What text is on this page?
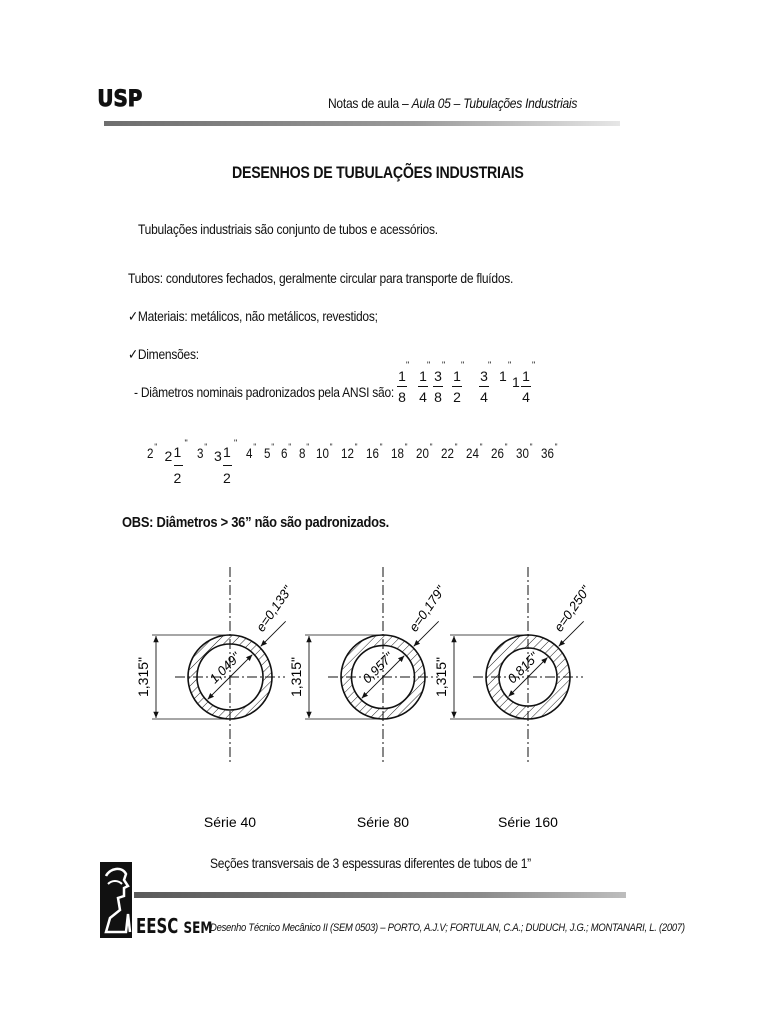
USP	Notas de aula – Aula 05 – Tubulações Industriais
DESENHOS DE TUBULAÇÕES INDUSTRIAIS
Tubulações industriais são conjunto de tubos e acessórios.
Tubos: condutores fechados, geralmente circular para transporte de fluídos.
✓Materiais: metálicos, não metálicos, revestidos;
✓Dimensões:
- Diâmetros nominais padronizados pela ANSI são:
1
8
"
1
4
"
3
8
"
1
2
"
3
4
"
1
"
1 1
4
"
2"
2 1
2
"
3"
3 1
2
"
4" 5" 6" 8" 10" 12" 16" 18" 20" 22" 24" 26" 30" 36"
OBS: Diâmetros > 36” não são padronizados.
1,315"	1,049"
e=0,133"
Série 40
1,315"	0,957"
e=0,179"
Série 80
1,315"	0,815"
e=0,250"
Série 160
Seções transversais de 3 espessuras diferentes de tubos de 1”
EESC SEM
Desenho Técnico Mecânico II (SEM 0503) – PORTO, A.J.V; FORTULAN, C.A.; DUDUCH, J.G.; MONTANARI, L. (2007)
